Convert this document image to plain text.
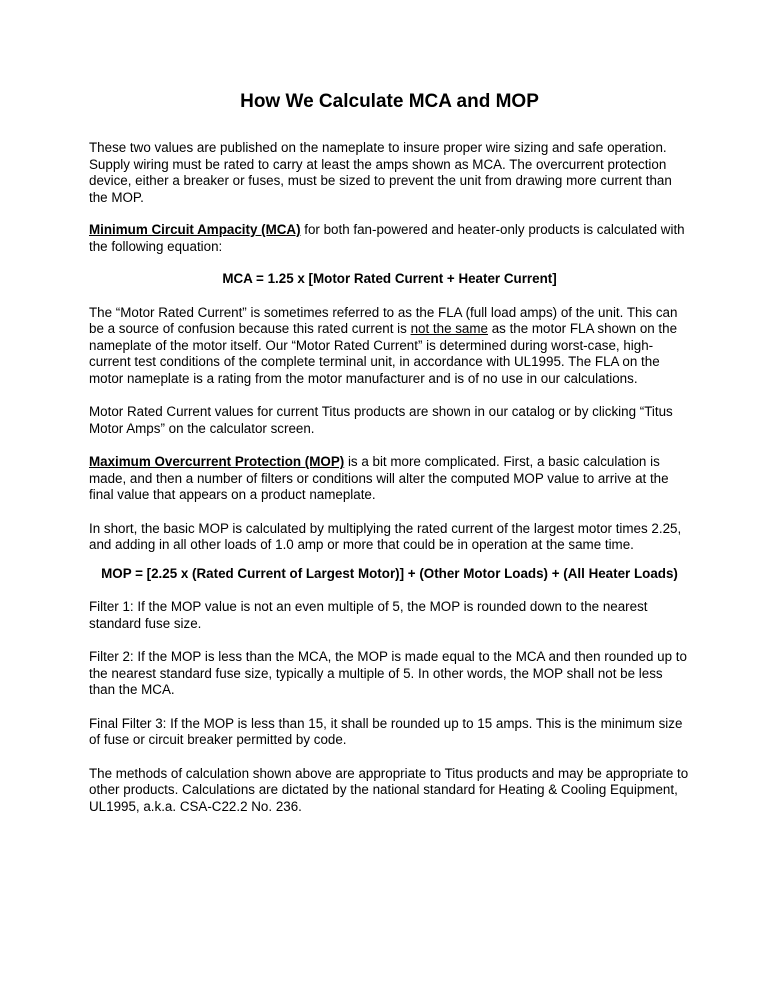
How We Calculate MCA and MOP

These two values are published on the nameplate to insure proper wire sizing and safe operation. Supply wiring must be rated to carry at least the amps shown as MCA. The overcurrent protection device, either a breaker or fuses, must be sized to prevent the unit from drawing more current than the MOP.

Minimum Circuit Ampacity (MCA) for both fan-powered and heater-only products is calculated with the following equation:

MCA = 1.25 x [Motor Rated Current + Heater Current]

The “Motor Rated Current” is sometimes referred to as the FLA (full load amps) of the unit. This can be a source of confusion because this rated current is not the same as the motor FLA shown on the nameplate of the motor itself. Our “Motor Rated Current” is determined during worst-case, high-current test conditions of the complete terminal unit, in accordance with UL1995. The FLA on the motor nameplate is a rating from the motor manufacturer and is of no use in our calculations.

Motor Rated Current values for current Titus products are shown in our catalog or by clicking “Titus Motor Amps” on the calculator screen.

Maximum Overcurrent Protection (MOP) is a bit more complicated. First, a basic calculation is made, and then a number of filters or conditions will alter the computed MOP value to arrive at the final value that appears on a product nameplate.

In short, the basic MOP is calculated by multiplying the rated current of the largest motor times 2.25, and adding in all other loads of 1.0 amp or more that could be in operation at the same time.

MOP = [2.25 x (Rated Current of Largest Motor)] + (Other Motor Loads) + (All Heater Loads)

Filter 1: If the MOP value is not an even multiple of 5, the MOP is rounded down to the nearest standard fuse size.

Filter 2: If the MOP is less than the MCA, the MOP is made equal to the MCA and then rounded up to the nearest standard fuse size, typically a multiple of 5. In other words, the MOP shall not be less than the MCA.

Final Filter 3: If the MOP is less than 15, it shall be rounded up to 15 amps. This is the minimum size of fuse or circuit breaker permitted by code.

The methods of calculation shown above are appropriate to Titus products and may be appropriate to other products. Calculations are dictated by the national standard for Heating & Cooling Equipment, UL1995, a.k.a. CSA-C22.2 No. 236.
